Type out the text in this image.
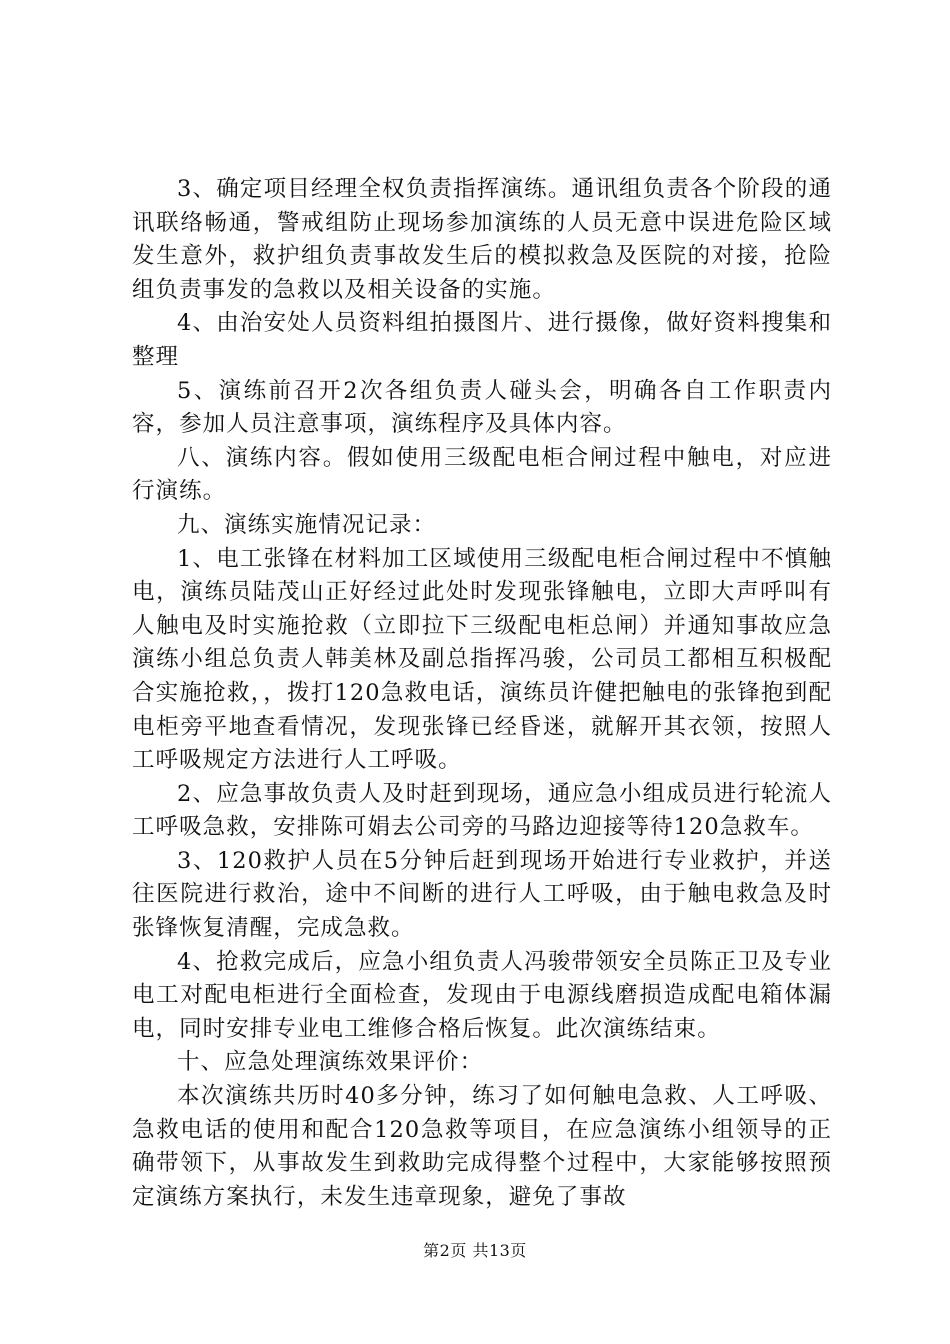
3、确定项目经理全权负责指挥演练。通讯组负责各个阶段的通讯联络畅通，警戒组防止现场参加演练的人员无意中误进危险区域发生意外，救护组负责事故发生后的模拟救急及医院的对接，抢险组负责事发的急救以及相关设备的实施。

4、由治安处人员资料组拍摄图片、进行摄像，做好资料搜集和整理

5、演练前召开2次各组负责人碰头会，明确各自工作职责内容，参加人员注意事项，演练程序及具体内容。

八、演练内容。假如使用三级配电柜合闸过程中触电，对应进行演练。

九、演练实施情况记录：

1、电工张锋在材料加工区域使用三级配电柜合闸过程中不慎触电，演练员陆茂山正好经过此处时发现张锋触电，立即大声呼叫有人触电及时实施抢救（立即拉下三级配电柜总闸）并通知事故应急演练小组总负责人韩美林及副总指挥冯骏，公司员工都相互积极配合实施抢救，，拨打120急救电话，演练员许健把触电的张锋抱到配电柜旁平地查看情况，发现张锋已经昏迷，就解开其衣领，按照人工呼吸规定方法进行人工呼吸。

2、应急事故负责人及时赶到现场，通应急小组成员进行轮流人工呼吸急救，安排陈可娟去公司旁的马路边迎接等待120急救车。

3、120救护人员在5分钟后赶到现场开始进行专业救护，并送往医院进行救治，途中不间断的进行人工呼吸，由于触电救急及时张锋恢复清醒，完成急救。

4、抢救完成后，应急小组负责人冯骏带领安全员陈正卫及专业电工对配电柜进行全面检查，发现由于电源线磨损造成配电箱体漏电，同时安排专业电工维修合格后恢复。此次演练结束。

十、应急处理演练效果评价：

本次演练共历时40多分钟，练习了如何触电急救、人工呼吸、急救电话的使用和配合120急救等项目，在应急演练小组领导的正确带领下，从事故发生到救助完成得整个过程中，大家能够按照预定演练方案执行，未发生违章现象，避免了事故

第2页 共13页
